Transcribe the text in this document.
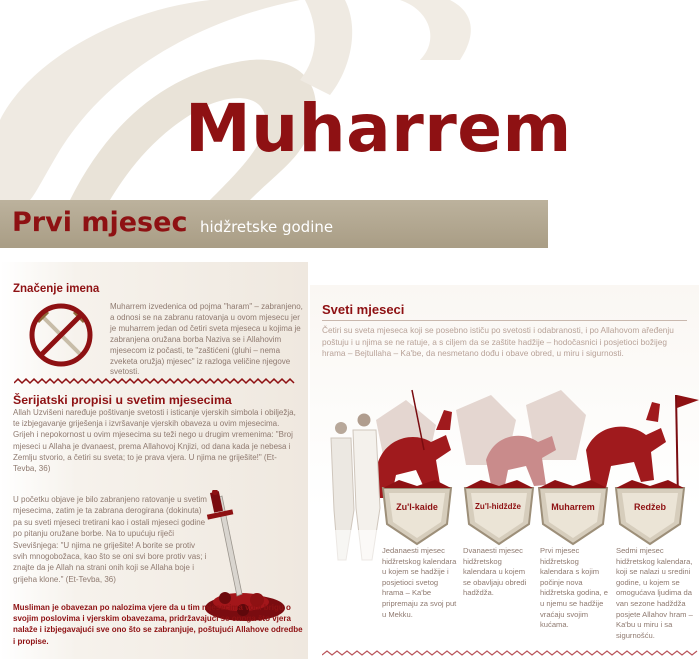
Muharrem
Prvi mjesec hidžretske godine
Značenje imena
Muharrem izvedenica od pojma "haram" – zabranjeno, a odnosi se na zabranu ratovanja u ovom mjesecu jer je muharrem jedan od četiri sveta mjeseca u kojima je zabranjena oružana borba Naziva se i Allahovim mjesecom iz počasti, te "zaštićeni (gluhi – nema zveketa oružja) mjesec" iz razloga veličine njegove svetosti.
Šerijatski propisi u svetim mjesecima
Allah Uzvišeni naređuje poštivanje svetosti i isticanje vjerskih simbola i obilježja, te izbjegavanje griješenja i izvršavanje vjerskih obaveza u ovim mjesecima. Grijeh i nepokornost u ovim mjesecima su teži nego u drugim vremenima: "Broj mjeseci u Allaha je dvanaest, prema Allahovoj Knjizi, od dana kada je nebesa i Zemlju stvorio, a četiri su sveta; to je prava vjera. U njima ne griješite!" (Et-Tevba, 36)
U početku objave je bilo zabranjeno ratovanje u svetim mjesecima, zatim je ta zabrana derogirana (dokinuta) pa su sveti mjeseci tretirani kao i ostali mjeseci godine po pitanju oružane borbe. Na to upućuju riječi Svevišnjega: "U njima ne griješite! A borite se protiv svih mnogobožaca, kao što se oni svi bore protiv vas; i znajte da je Allah na strani onih koji se Allaha boje i grijeha klone." (Et-Tevba, 36)
Musliman je obavezan po nalozima vjere da u tim mjesecima vodi brigu o svojim poslovima i vjerskim obavezama, pridržavajući se onoga što vjera nalaže i izbjegavajući sve ono što se zabranjuje, poštujući Allahove odredbe i propise.
Sveti mjeseci
Četiri su sveta mjeseca koji se posebno ističu po svetosti i odabranosti, i po Allahovom ařeđenju poštuju i u njima se ne ratuje, a s ciljem da se zaštite hadžije – hodočasnici i posjetioci božijeg hrama – Bejtullaha – Ka'be, da nesmetano dođu i obave obred, u miru i sigurnosti.
Zu'l-kaide	Zu'l-hidždže	Muharrem	Redžeb
Jedanaesti mjesec hidžretskog kalendara u kojem se hadžije i posjetioci svetog hrama – Ka'be pripremaju za svoj put u Mekku.
Dvanaesti mjesec hidžretskog kalendara u kojem se obavljaju obredi hadždža.
Prvi mjesec hidžretskog kalendara s kojim počinje nova hidžretska godina, e u njemu se hadžije vraćaju svojim kućama.
Sedmi mjesec hidžretskog kalendara, koji se nalazi u sredini godine, u kojem se omogućava ljudima da van sezone hadždža posjete Allahov hram – Ka'bu u miru i sa sigurnošću.
